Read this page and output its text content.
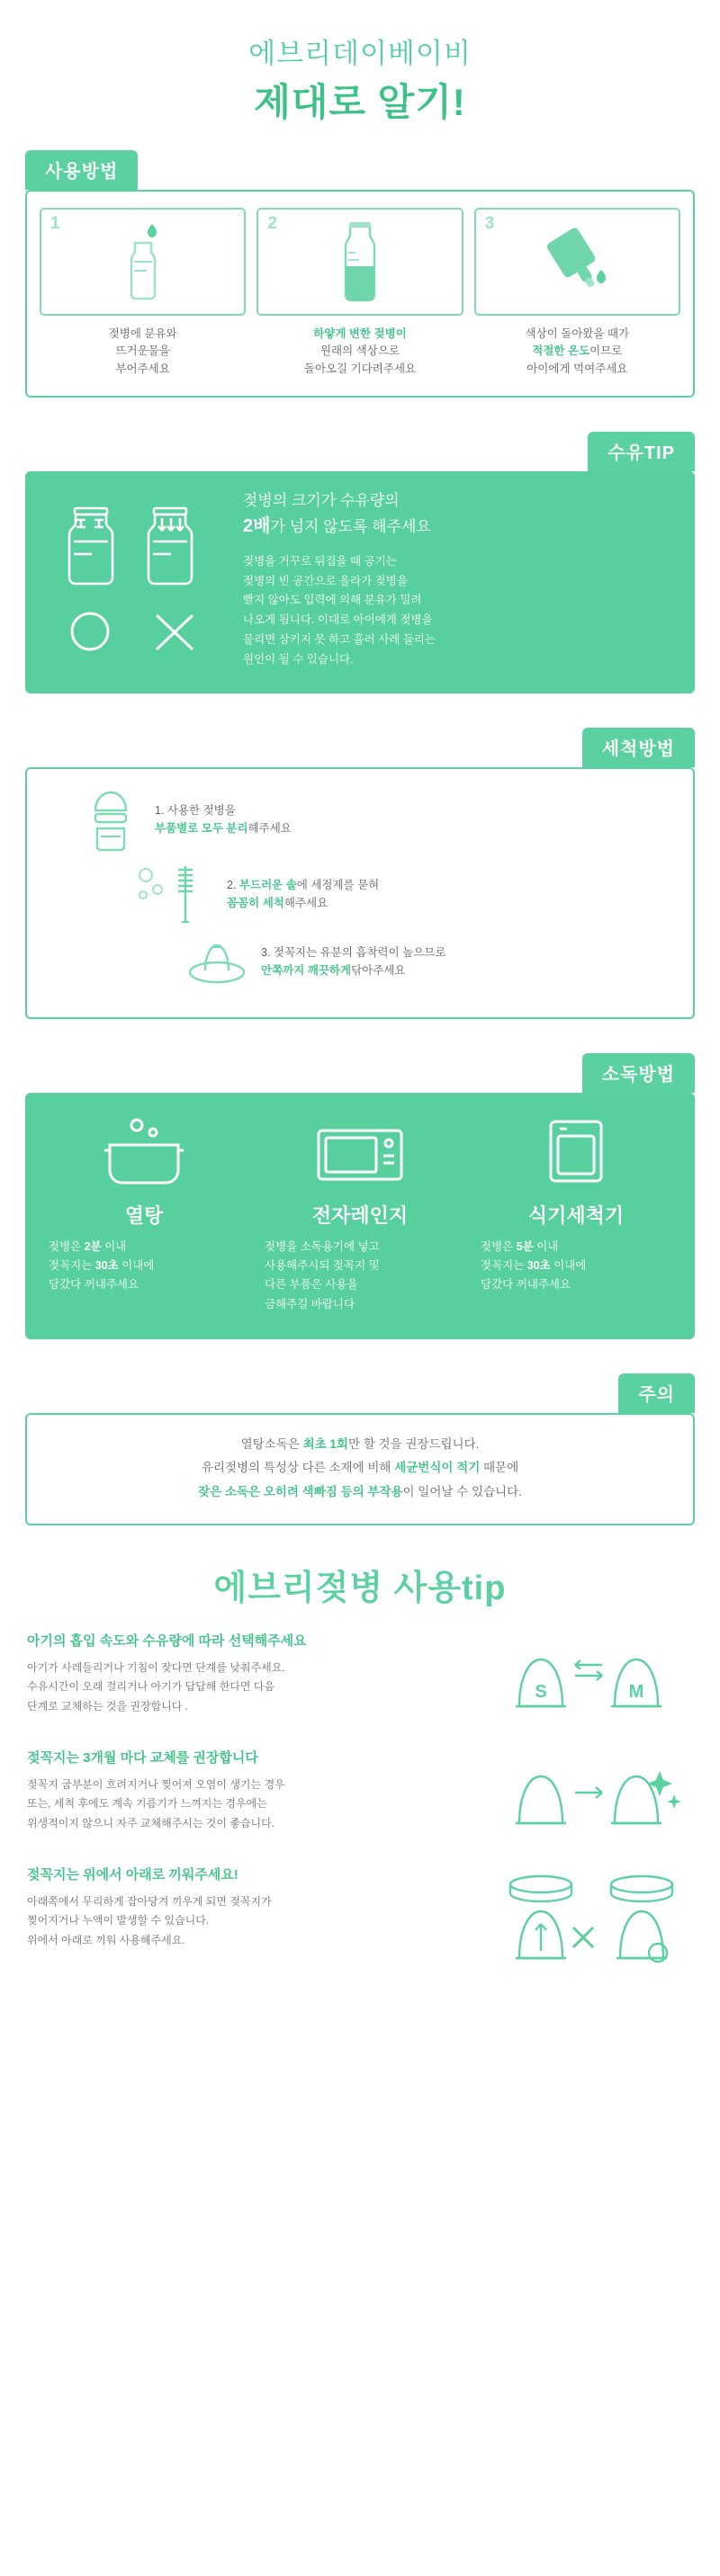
에브리데이베이비
제대로 알기!
사용방법
1
젖병에 분유와
뜨거운물을
부어주세요
2
하얗게 변한 젖병이
원래의 색상으로
돌아오길 기다려주세요
3
색상이 돌아왔을 때가
적절한 온도이므로
아이에게 먹여주세요
수유TIP
젖병의 크기가 수유량의
2배가 넘지 않도록 해주세요
젖병을 거꾸로 뒤집을 때 공기는
젖병의 빈 공간으로 올라가 젖병을
빨지 않아도 입력에 의해 분유가 밀려
나오게 됩니다. 이대로 아이에게 젖병을
물리면 삼키지 못 하고 흘러 사레 들리는
원인이 될 수 있습니다.
세척방법
1. 사용한 젖병을
부품별로 모두 분리해주세요
2. 부드러운 솔에 세정제를 묻혀
꼼꼼히 세척해주세요
3. 젖꼭지는 유분의 흡착력이 높으므로
안쪽까지 깨끗하게닦아주세요
소독방법
열탕
젖병은 2분 이내
젖꼭지는 30초 이내에
담갔다 꺼내주세요
전자레인지
젖병을 소독용기에 넣고
사용해주시되 젖꼭지 및
다른 부품은 사용을
금해주길 바랍니다
식기세척기
젖병은 5분 이내
젖꼭지는 30초 이내에
담갔다 꺼내주세요
주의
열탕소독은 최초 1회만 할 것을 권장드립니다.
유리젖병의 특성상 다른 소재에 비해 세균번식이 적기 때문에
잦은 소독은 오히려 색빠짐 등의 부작용이 일어날 수 있습니다.
에브리젖병 사용tip
아기의 흡입 속도와 수유량에 따라 선택해주세요
아기가 사레들리거나 기침이 잦다면 단계를 낮춰주세요.
수유시간이 오래 걸리거나 아기가 답답해 한다면 다음
단계로 교체하는 것을 권장합니다 .
S	M
젖꼭지는 3개월 마다 교체를 권장합니다
젖꼭지 굽부분이 흐려지거나 찢어져 오염이 생기는 경우
또는, 세척 후에도 계속 기름기가 느껴지는 경우에는
위생적이지 않으니 자주 교체해주시는 것이 좋습니다.
젖꼭지는 위에서 아래로 끼워주세요!
아래쪽에서 무리하게 잡아당겨 끼우게 되면 젖꼭지가
찢어지거나 누액이 발생할 수 있습니다.
위에서 아래로 끼워 사용해주세요.
